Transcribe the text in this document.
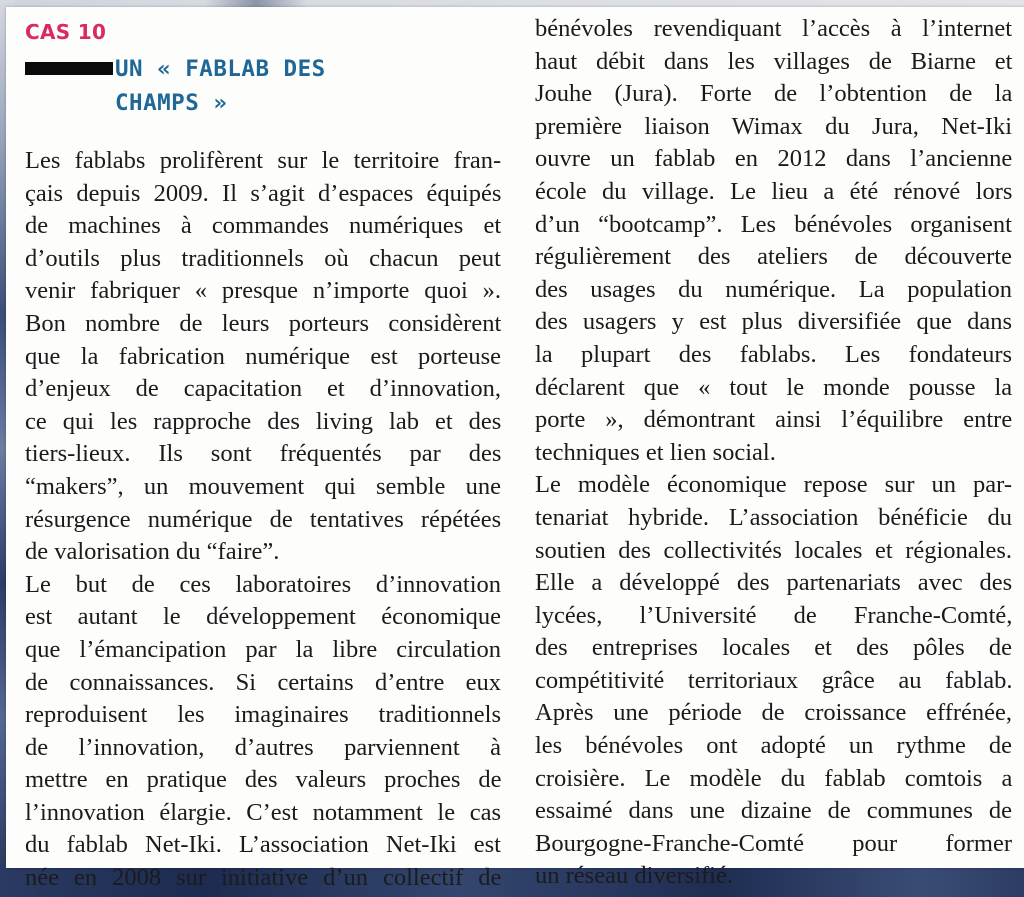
CAS 10
UN « FABLAB DES
CHAMPS »
Les fablabs prolifèrent sur le territoire fran-
çais depuis 2009. Il s’agit d’espaces équipés
de machines à commandes numériques et
d’outils plus traditionnels où chacun peut
venir fabriquer « presque n’importe quoi ».
Bon nombre de leurs porteurs considèrent
que la fabrication numérique est porteuse
d’enjeux de capacitation et d’innovation,
ce qui les rapproche des living lab et des
tiers-lieux. Ils sont fréquentés par des
“makers”, un mouvement qui semble une
résurgence numérique de tentatives répétées
de valorisation du “faire”.
Le but de ces laboratoires d’innovation
est autant le développement économique
que l’émancipation par la libre circulation
de connaissances. Si certains d’entre eux
reproduisent les imaginaires traditionnels
de l’innovation, d’autres parviennent à
mettre en pratique des valeurs proches de
l’innovation élargie. C’est notamment le cas
du fablab Net-Iki. L’association Net-Iki est
née en 2008 sur initiative d’un collectif de
bénévoles revendiquant l’accès à l’internet
haut débit dans les villages de Biarne et
Jouhe (Jura). Forte de l’obtention de la
première liaison Wimax du Jura, Net-Iki
ouvre un fablab en 2012 dans l’ancienne
école du village. Le lieu a été rénové lors
d’un “bootcamp”. Les bénévoles organisent
régulièrement des ateliers de découverte
des usages du numérique. La population
des usagers y est plus diversifiée que dans
la plupart des fablabs. Les fondateurs
déclarent que « tout le monde pousse la
porte », démontrant ainsi l’équilibre entre
techniques et lien social.
Le modèle économique repose sur un par-
tenariat hybride. L’association bénéficie du
soutien des collectivités locales et régionales.
Elle a développé des partenariats avec des
lycées, l’Université de Franche-Comté,
des entreprises locales et des pôles de
compétitivité territoriaux grâce au fablab.
Après une période de croissance effrénée,
les bénévoles ont adopté un rythme de
croisière. Le modèle du fablab comtois a
essaimé dans une dizaine de communes de
Bourgogne-Franche-Comté pour former
un réseau diversifié.
